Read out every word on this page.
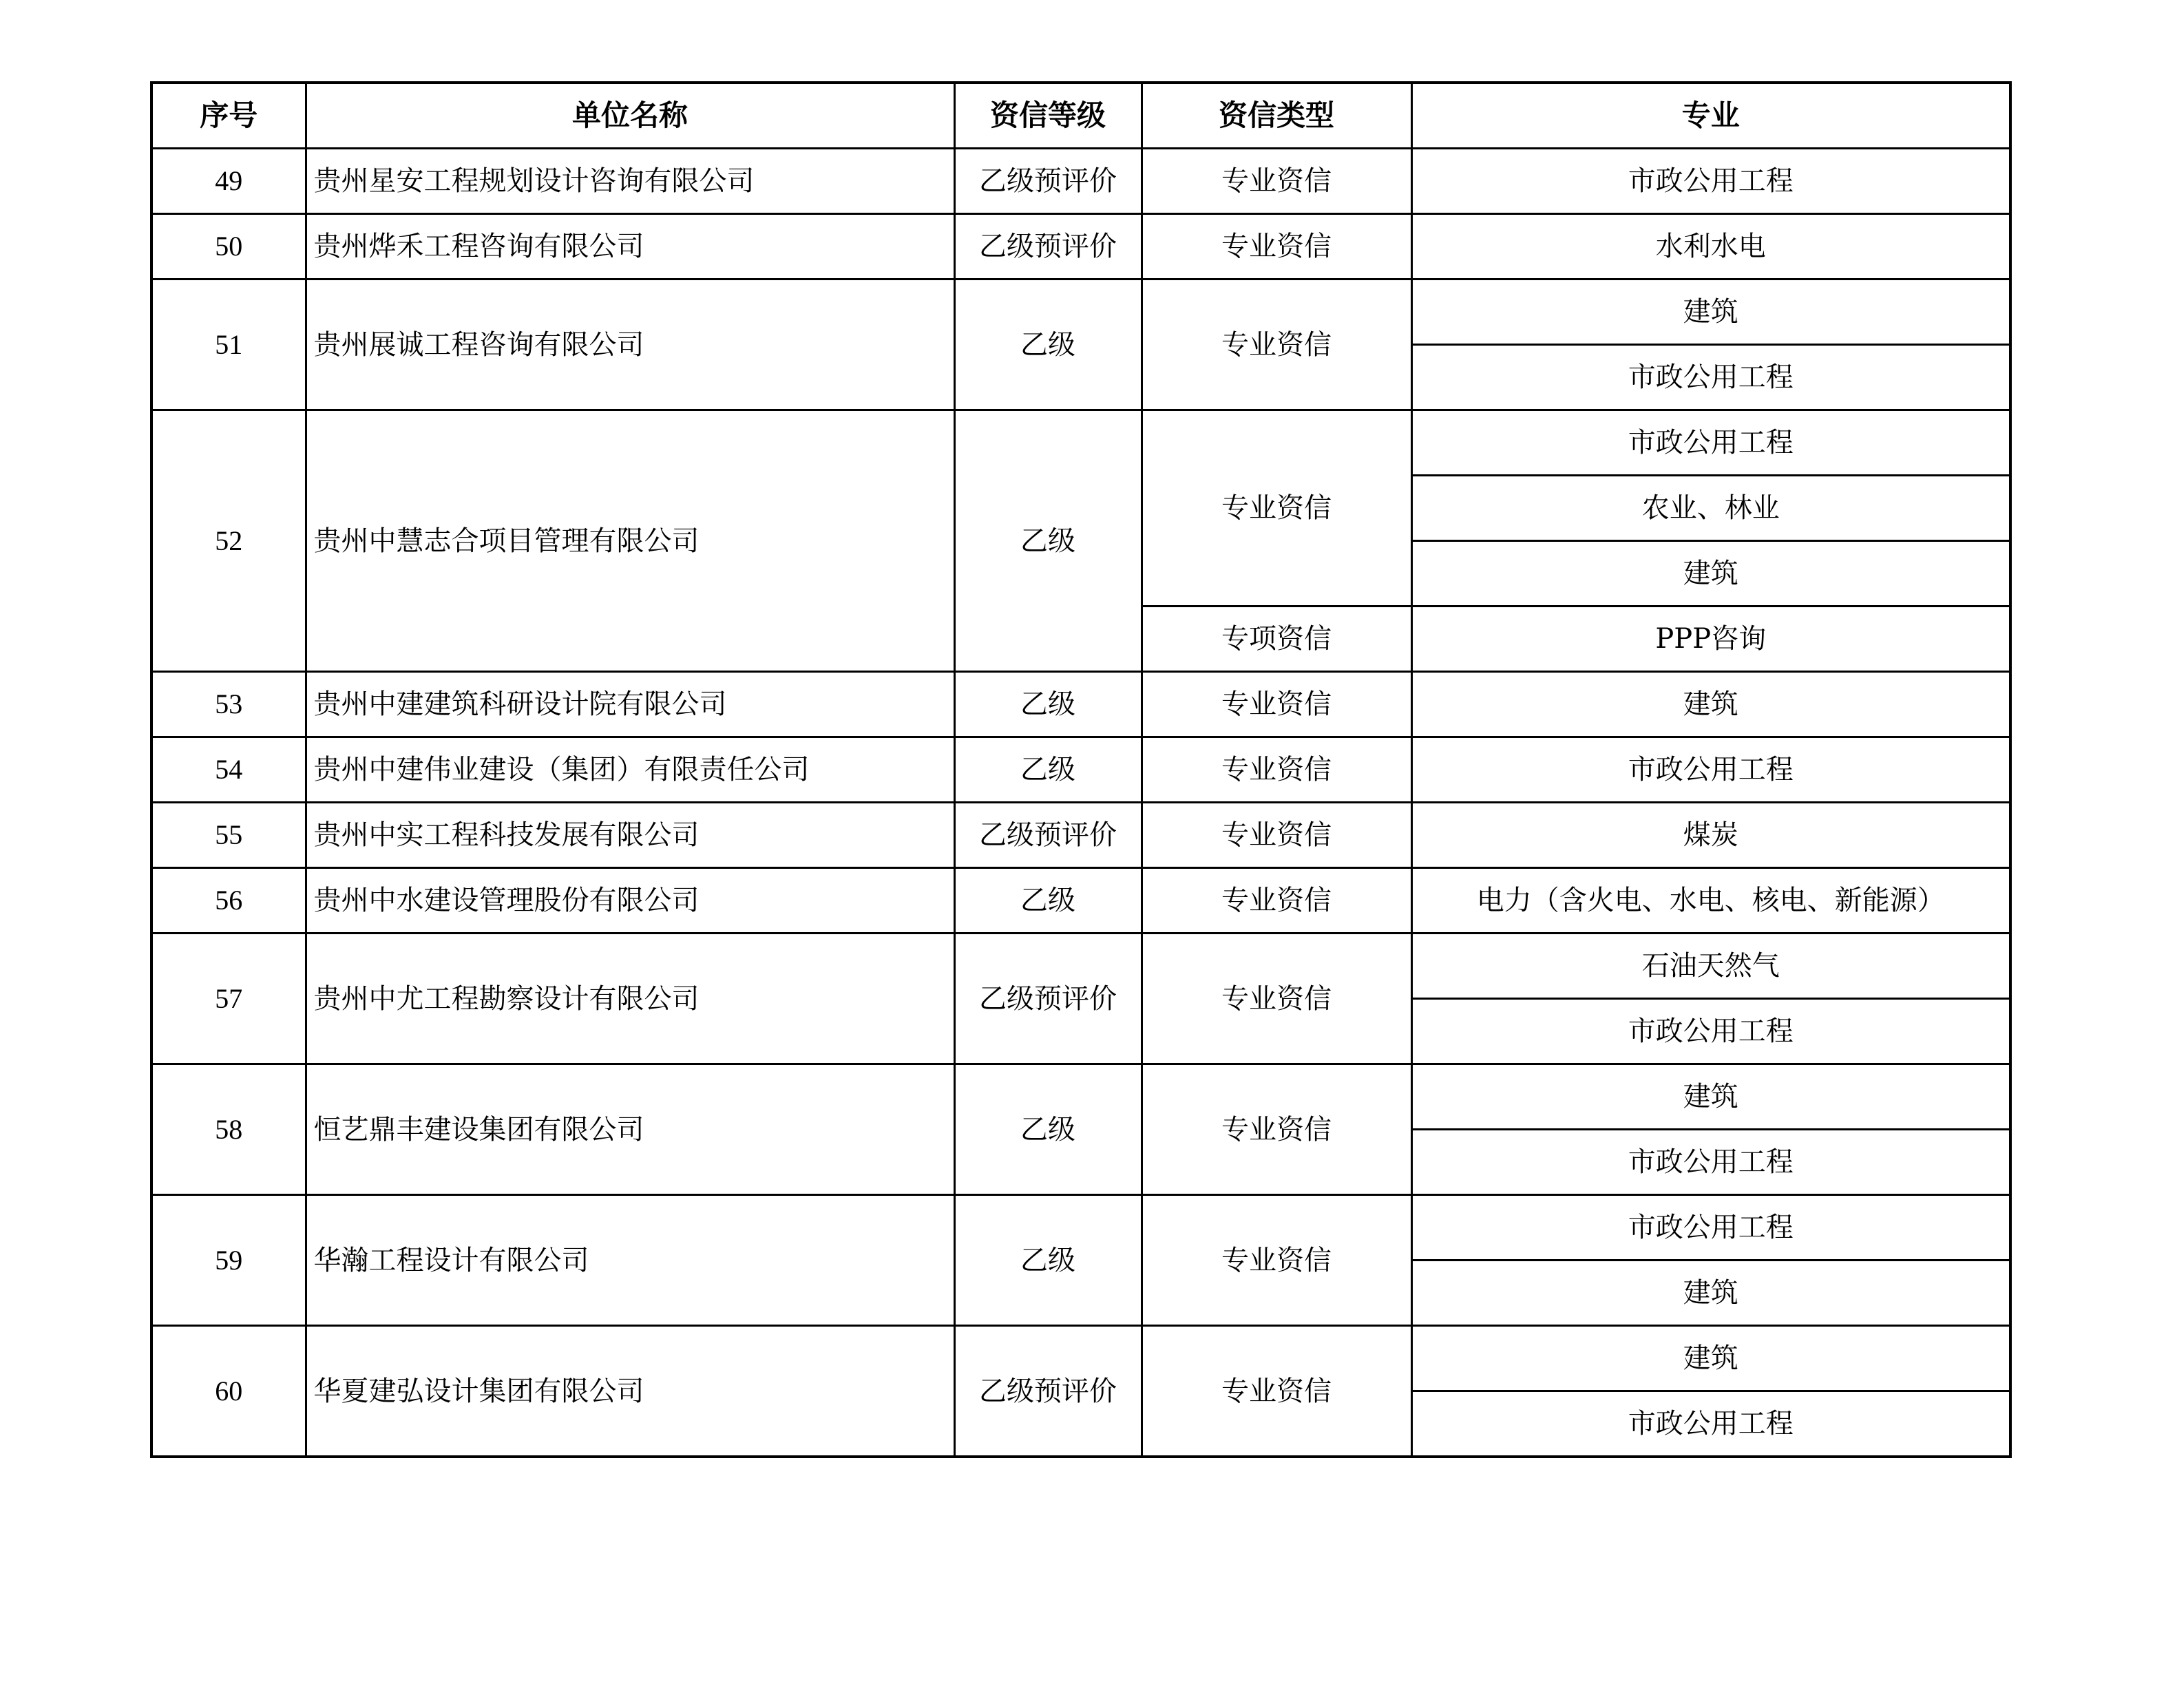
序号	单位名称	资信等级	资信类型	专业
49	贵州星安工程规划设计咨询有限公司	乙级预评价	专业资信	市政公用工程
50	贵州烨禾工程咨询有限公司	乙级预评价	专业资信	水利水电
51	贵州展诚工程咨询有限公司	乙级	专业资信	建筑
				市政公用工程
52	贵州中慧志合项目管理有限公司	乙级	专业资信	市政公用工程
				农业、林业
				建筑
			专项资信	PPP咨询
53	贵州中建建筑科研设计院有限公司	乙级	专业资信	建筑
54	贵州中建伟业建设（集团）有限责任公司	乙级	专业资信	市政公用工程
55	贵州中实工程科技发展有限公司	乙级预评价	专业资信	煤炭
56	贵州中水建设管理股份有限公司	乙级	专业资信	电力（含火电、水电、核电、新能源）
57	贵州中尤工程勘察设计有限公司	乙级预评价	专业资信	石油天然气
				市政公用工程
58	恒艺鼎丰建设集团有限公司	乙级	专业资信	建筑
				市政公用工程
59	华瀚工程设计有限公司	乙级	专业资信	市政公用工程
				建筑
60	华夏建弘设计集团有限公司	乙级预评价	专业资信	建筑
				市政公用工程
